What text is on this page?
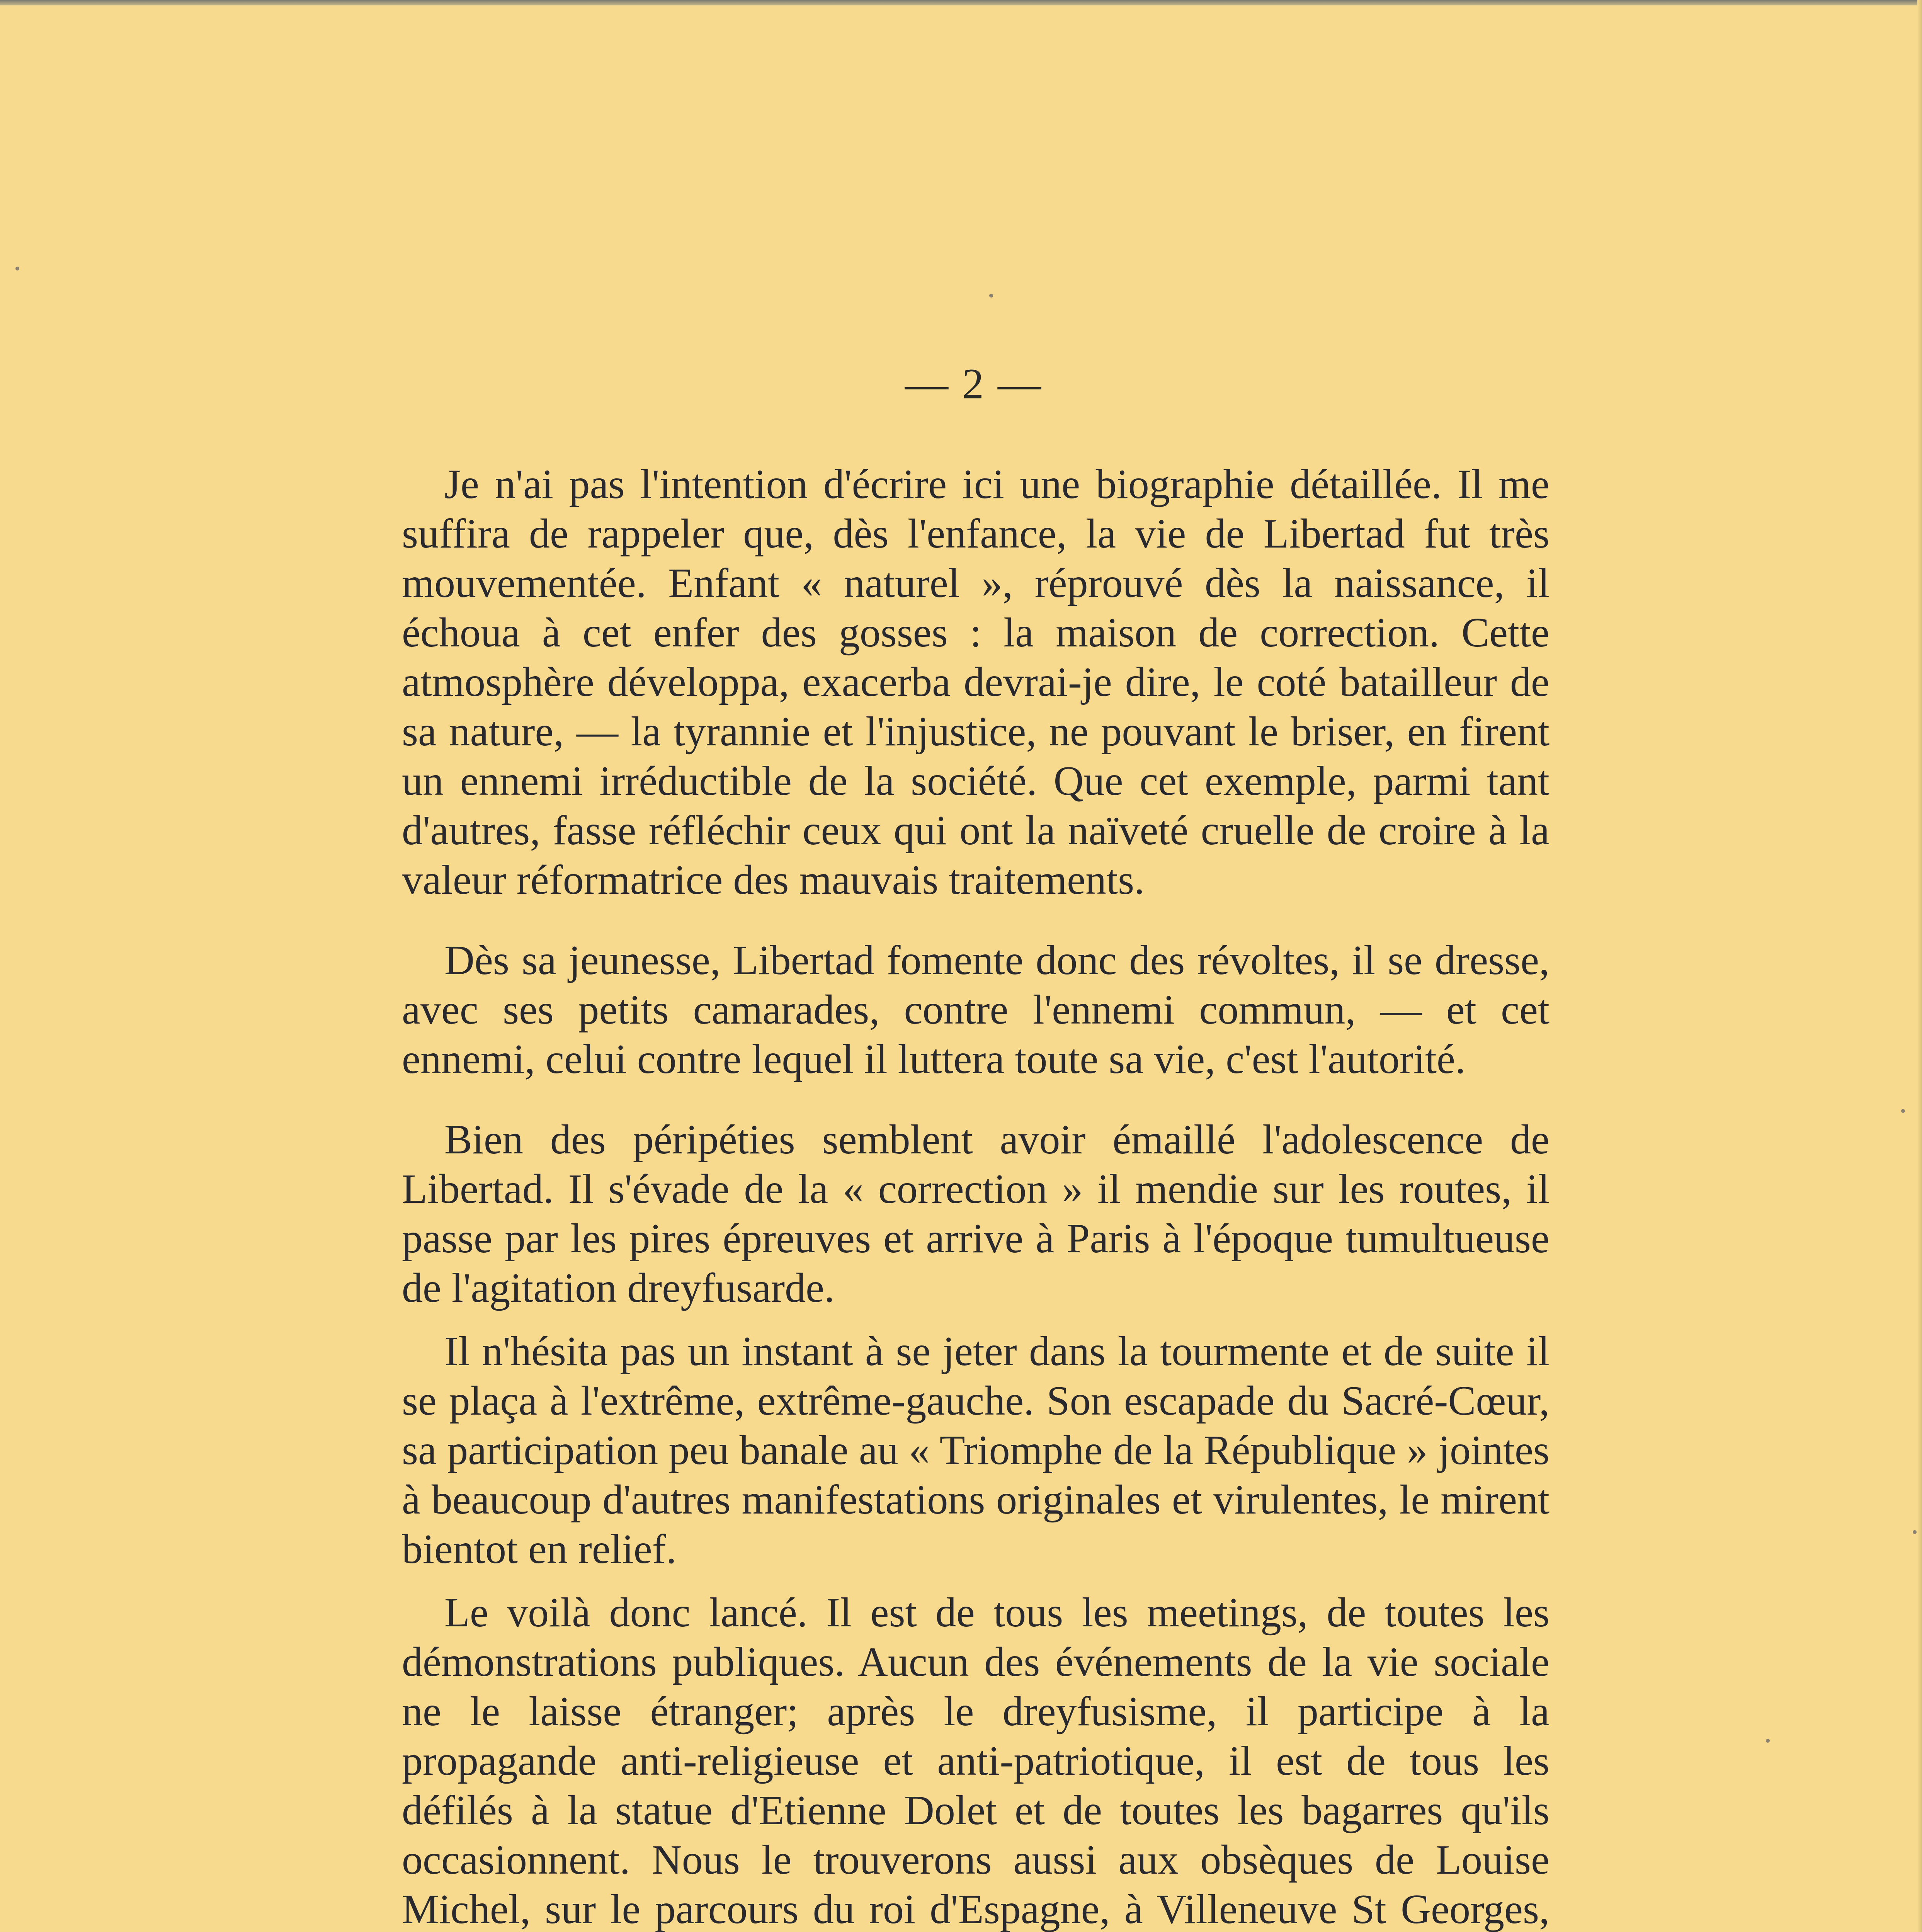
— 2 —

Je n'ai pas l'intention d'écrire ici une biographie détaillée. Il me suffira de rappeler que, dès l'enfance, la vie de Libertad fut très mouvementée. Enfant « naturel », réprouvé dès la naissance, il échoua à cet enfer des gosses : la maison de correction. Cette atmosphère développa, exacerba devrai-je dire, le coté batailleur de sa nature, — la tyrannie et l'injustice, ne pouvant le briser, en firent un ennemi irréductible de la société. Que cet exemple, parmi tant d'autres, fasse réfléchir ceux qui ont la naïveté cruelle de croire à la valeur réformatrice des mauvais traitements.

Dès sa jeunesse, Libertad fomente donc des révoltes, il se dresse, avec ses petits camarades, contre l'ennemi commun, — et cet ennemi, celui contre lequel il luttera toute sa vie, c'est l'autorité.

Bien des péripéties semblent avoir émaillé l'adolescence de Libertad. Il s'évade de la « correction » il mendie sur les routes, il passe par les pires épreuves et arrive à Paris à l'époque tumultueuse de l'agitation dreyfusarde.

Il n'hésita pas un instant à se jeter dans la tourmente et de suite il se plaça à l'extrême, extrême-gauche. Son escapade du Sacré-Cœur, sa participation peu banale au « Triomphe de la République » jointes à beaucoup d'autres manifestations originales et virulentes, le mirent bientot en relief.

Le voilà donc lancé. Il est de tous les meetings, de toutes les démonstrations publiques. Aucun des événements de la vie sociale ne le laisse étranger; après le dreyfusisme, il participe à la propagande anti-religieuse et anti-patriotique, il est de tous les défilés à la statue d'Etienne Dolet et de toutes les bagarres qu'ils occasionnent. Nous le trouverons aussi aux obsèques de Louise Michel, sur le parcours du roi d'Espagne, à Villeneuve St Georges,
